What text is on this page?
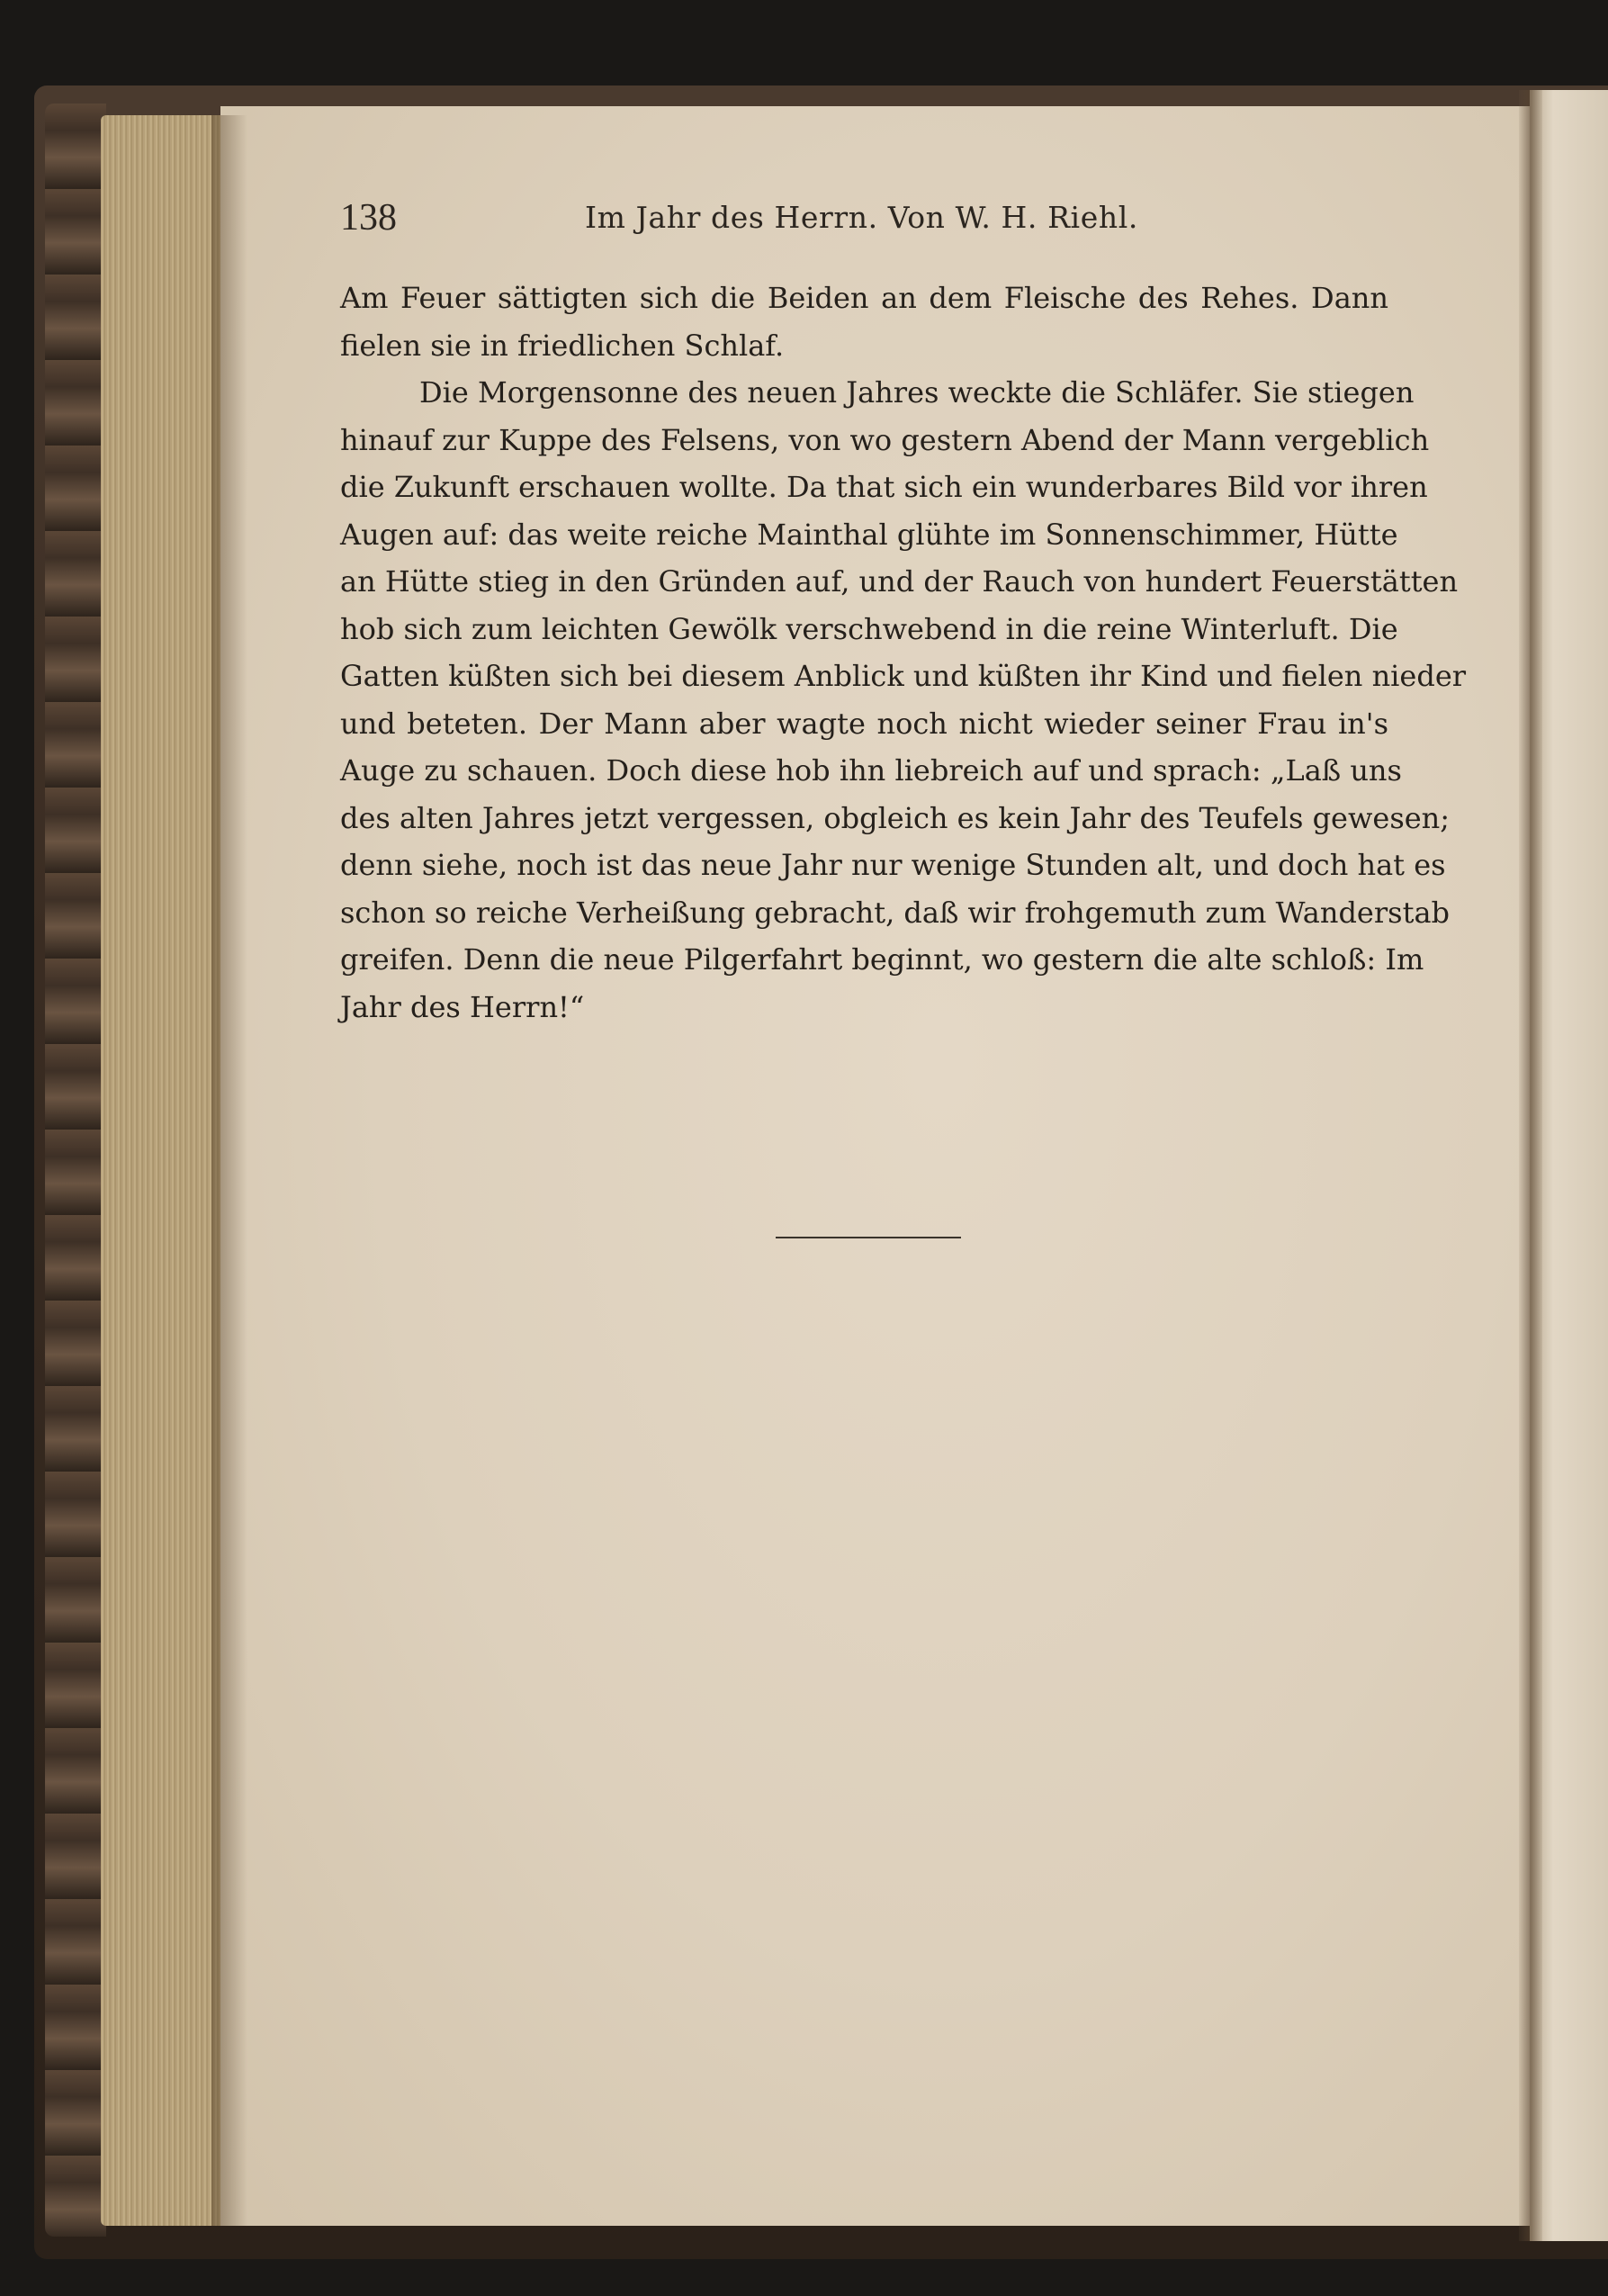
138	Im Jahr des Herrn. Von W. H. Riehl.
Am Feuer sättigten sich die Beiden an dem Fleische des Rehes. Dann
fielen sie in friedlichen Schlaf.
Die Morgensonne des neuen Jahres weckte die Schläfer. Sie stiegen
hinauf zur Kuppe des Felsens, von wo gestern Abend der Mann vergeblich
die Zukunft erschauen wollte. Da that sich ein wunderbares Bild vor ihren
Augen auf: das weite reiche Mainthal glühte im Sonnenschimmer, Hütte
an Hütte stieg in den Gründen auf, und der Rauch von hundert Feuerstätten
hob sich zum leichten Gewölk verschwebend in die reine Winterluft. Die
Gatten küßten sich bei diesem Anblick und küßten ihr Kind und fielen nieder
und beteten. Der Mann aber wagte noch nicht wieder seiner Frau in's
Auge zu schauen. Doch diese hob ihn liebreich auf und sprach: „Laß uns
des alten Jahres jetzt vergessen, obgleich es kein Jahr des Teufels gewesen;
denn siehe, noch ist das neue Jahr nur wenige Stunden alt, und doch hat es
schon so reiche Verheißung gebracht, daß wir frohgemuth zum Wanderstab
greifen. Denn die neue Pilgerfahrt beginnt, wo gestern die alte schloß: Im
Jahr des Herrn!“
